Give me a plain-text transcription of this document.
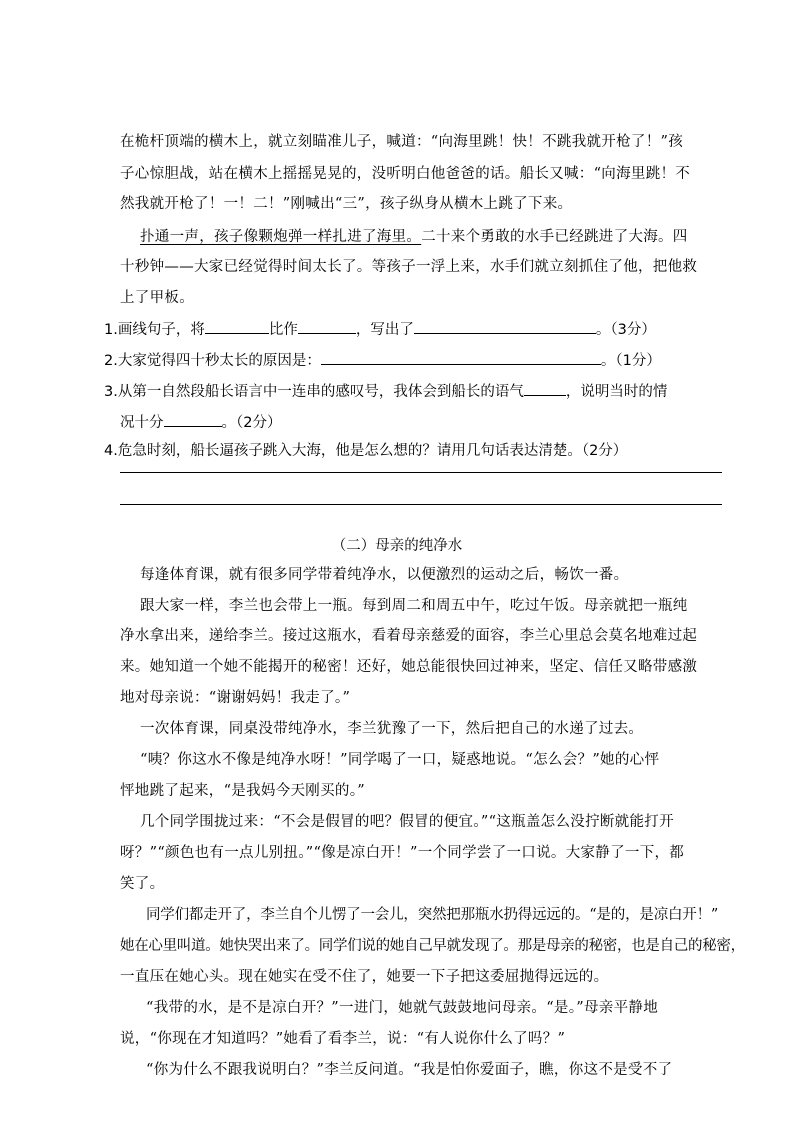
在桅杆顶端的横木上，就立刻瞄准儿子，喊道：“向海里跳！快！不跳我就开枪了！”孩
子心惊胆战，站在横木上摇摇晃晃的，没听明白他爸爸的话。船长又喊：“向海里跳！不
然我就开枪了！一！二！”刚喊出“三”，孩子纵身从横木上跳了下来。
扑通一声，孩子像颗炮弹一样扎进了海里。二十来个勇敢的水手已经跳进了大海。四
十秒钟——大家已经觉得时间太长了。等孩子一浮上来，水手们就立刻抓住了他，把他救
上了甲板。
1.画线句子，将	比作	，写出了	。（3分）
2.大家觉得四十秒太长的原因是：	。（1分）
3.从第一自然段船长语言中一连串的感叹号，我体会到船长的语气	，说明当时的情
况十分	。（2分）
4.危急时刻，船长逼孩子跳入大海，他是怎么想的？请用几句话表达清楚。（2分）
（二）母亲的纯净水
每逢体育课，就有很多同学带着纯净水，以便激烈的运动之后，畅饮一番。
跟大家一样，李兰也会带上一瓶。每到周二和周五中午，吃过午饭。母亲就把一瓶纯
净水拿出来，递给李兰。接过这瓶水，看着母亲慈爱的面容，李兰心里总会莫名地难过起
来。她知道一个她不能揭开的秘密！还好，她总能很快回过神来，坚定、信任又略带感激
地对母亲说：“谢谢妈妈！我走了。”
一次体育课，同桌没带纯净水，李兰犹豫了一下，然后把自己的水递了过去。
“咦？你这水不像是纯净水呀！”同学喝了一口，疑惑地说。“怎么会？”她的心怦
怦地跳了起来，“是我妈今天刚买的。”
几个同学围拢过来：“不会是假冒的吧？假冒的便宜。”“这瓶盖怎么没拧断就能打开
呀？”“颜色也有一点儿别扭。”“像是凉白开！”一个同学尝了一口说。大家静了一下，都
笑了。
同学们都走开了，李兰自个儿愣了一会儿，突然把那瓶水扔得远远的。“是的，是凉白开！”
她在心里叫道。她快哭出来了。同学们说的她自己早就发现了。那是母亲的秘密，也是自己的秘密，
一直压在她心头。现在她实在受不住了，她要一下子把这委屈抛得远远的。
“我带的水，是不是凉白开？”一进门，她就气鼓鼓地问母亲。“是。”母亲平静地
说，“你现在才知道吗？”她看了看李兰，说：“有人说你什么了吗？”
“你为什么不跟我说明白？”李兰反问道。“我是怕你爱面子，瞧，你这不是受不了
